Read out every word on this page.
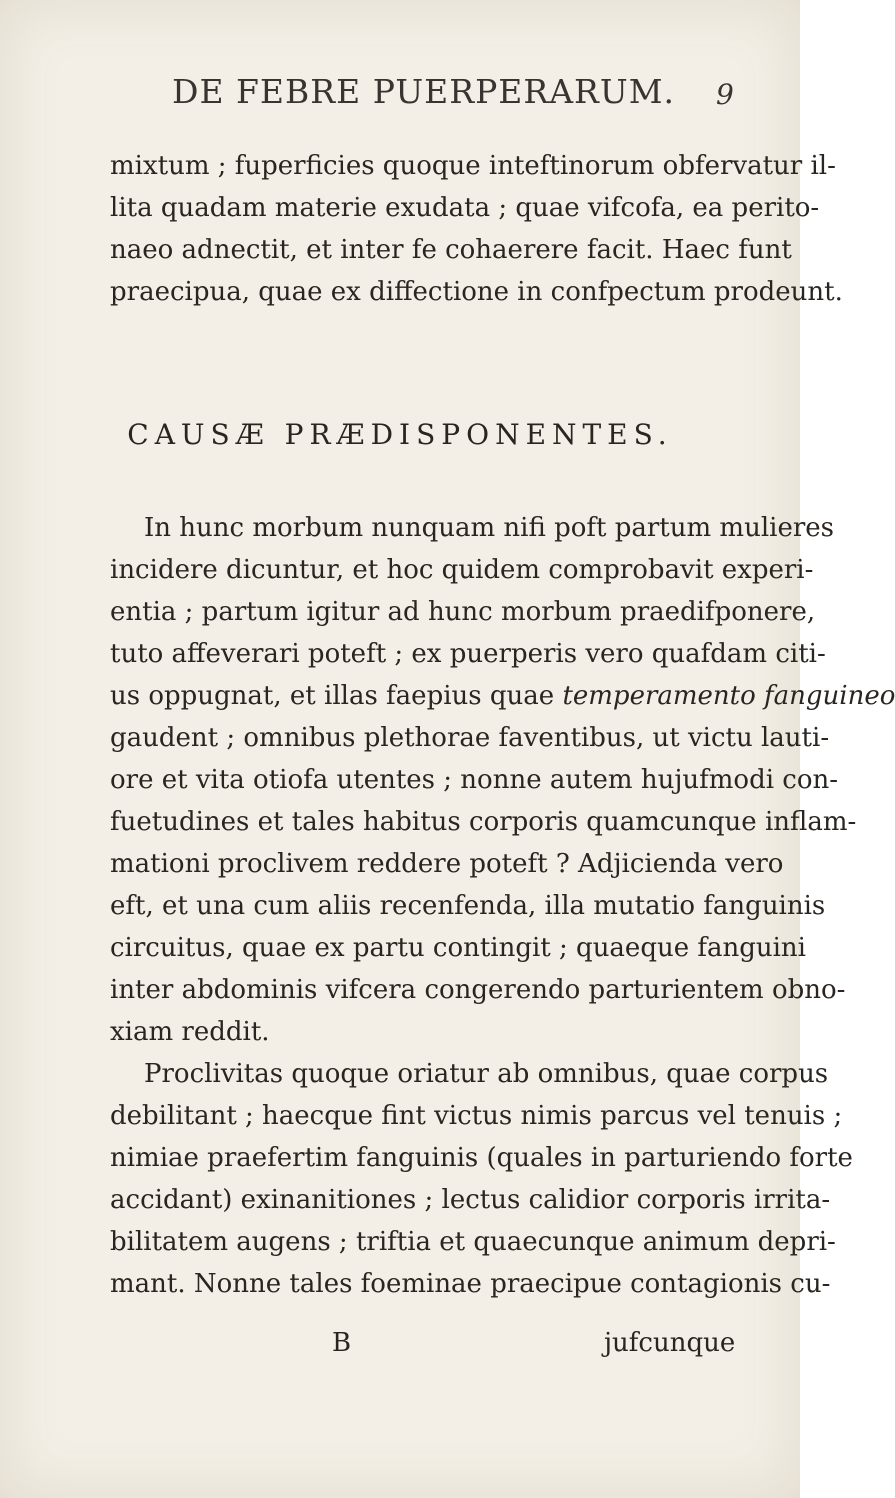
DE FEBRE PUERPERARUM. 9
mixtum ; fuperficies quoque inteftinorum obfervatur il-
lita quadam materie exudata ; quae vifcofa, ea perito-
naeo adnectit, et inter fe cohaerere facit. Haec funt
praecipua, quae ex diffectione in confpectum prodeunt.
CAUSÆ PRÆDISPONENTES.
In hunc morbum nunquam nifi poft partum mulieres
incidere dicuntur, et hoc quidem comprobavit experi-
entia ; partum igitur ad hunc morbum praedifponere,
tuto affeverari poteft ; ex puerperis vero quafdam citi-
us oppugnat, et illas faepius quae temperamento fanguineo
gaudent ; omnibus plethorae faventibus, ut victu lauti-
ore et vita otiofa utentes ; nonne autem hujufmodi con-
fuetudines et tales habitus corporis quamcunque inflam-
mationi proclivem reddere poteft ? Adjicienda vero
eft, et una cum aliis recenfenda, illa mutatio fanguinis
circuitus, quae ex partu contingit ; quaeque fanguini
inter abdominis vifcera congerendo parturientem obno-
xiam reddit.
Proclivitas quoque oriatur ab omnibus, quae corpus
debilitant ; haecque fint victus nimis parcus vel tenuis ;
nimiae praefertim fanguinis (quales in parturiendo forte
accidant) exinanitiones ; lectus calidior corporis irrita-
bilitatem augens ; triftia et quaecunque animum depri-
mant. Nonne tales foeminae praecipue contagionis cu-
B	jufcunque
